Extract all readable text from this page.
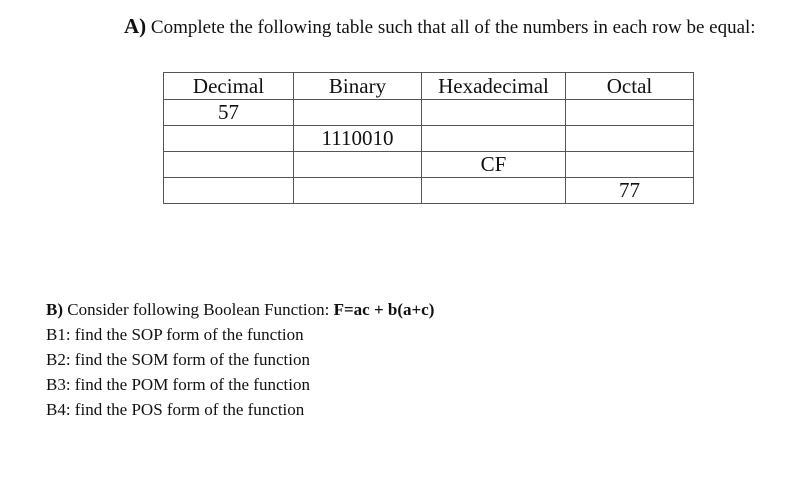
A) Complete the following table such that all of the numbers in each row be equal:
Decimal	Binary	Hexadecimal	Octal
57			
	1110010		
		CF	
			77
B) Consider following Boolean Function: F=ac + b(a+c)
B1: find the SOP form of the function
B2: find the SOM form of the function
B3: find the POM form of the function
B4: find the POS form of the function
